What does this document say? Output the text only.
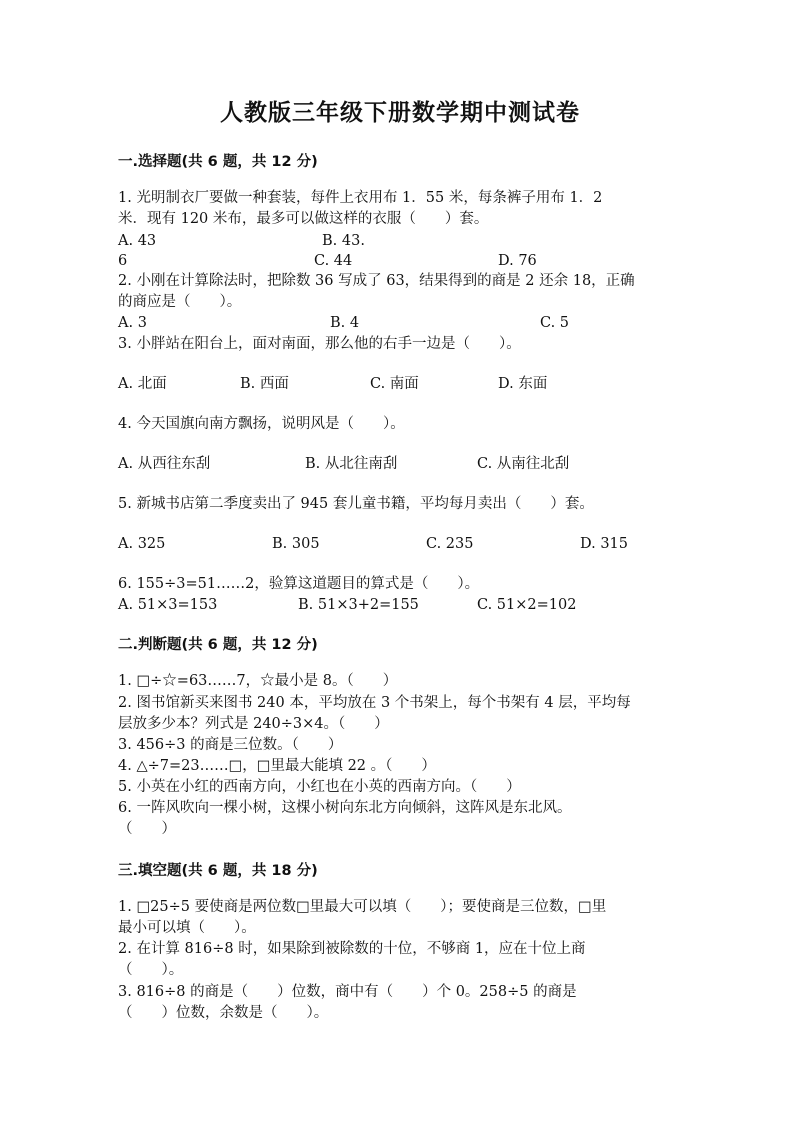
人教版三年级下册数学期中测试卷
一.选择题(共 6 题，共 12 分)
1. 光明制衣厂要做一种套装，每件上衣用布 1．55 米，每条裤子用布 1．2
米．现有 120 米布，最多可以做这样的衣服（　　）套。
A. 43	B. 43.
6	C. 44	D. 76
2. 小刚在计算除法时，把除数 36 写成了 63，结果得到的商是 2 还余 18，正确
的商应是（　　）。
A. 3	B. 4	C. 5
3. 小胖站在阳台上，面对南面，那么他的右手一边是（　　）。
A. 北面	B. 西面	C. 南面	D. 东面
4. 今天国旗向南方飘扬，说明风是（　　）。
A. 从西往东刮	B. 从北往南刮	C. 从南往北刮
5. 新城书店第二季度卖出了 945 套儿童书籍，平均每月卖出（　　）套。
A. 325	B. 305	C. 235	D. 315
6. 155÷3=51……2，验算这道题目的算式是（　　）。
A. 51×3=153	B. 51×3+2=155	C. 51×2=102
二.判断题(共 6 题，共 12 分)
1. □÷☆=63……7，☆最小是 8。（　　）
2. 图书馆新买来图书 240 本，平均放在 3 个书架上，每个书架有 4 层，平均每
层放多少本？列式是 240÷3×4。（　　）
3. 456÷3 的商是三位数。（　　）
4. △÷7=23……□，□里最大能填 22 。（　　）
5. 小英在小红的西南方向，小红也在小英的西南方向。（　　）
6. 一阵风吹向一棵小树，这棵小树向东北方向倾斜，这阵风是东北风。
（　　）
三.填空题(共 6 题，共 18 分)
1. □25÷5 要使商是两位数□里最大可以填（　　）；要使商是三位数，□里
最小可以填（　　）。
2. 在计算 816÷8 时，如果除到被除数的十位，不够商 1，应在十位上商
（　　）。
3. 816÷8 的商是（　　）位数，商中有（　　）个 0。258÷5 的商是
（　　）位数，余数是（　　）。
